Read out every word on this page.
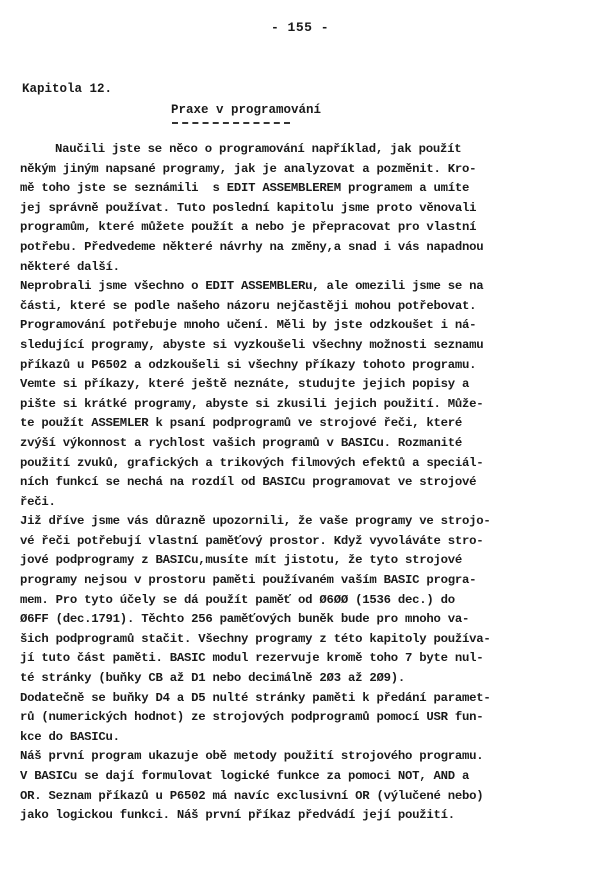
- 155 -
Kapitola 12.
Praxe v programování
Naučili jste se něco o programování například, jak použít
někým jiným napsané programy, jak je analyzovat a pozměnit. Kro-
mě toho jste se seznámili  s EDIT ASSEMBLEREM programem a umíte
jej správně používat. Tuto poslední kapitolu jsme proto věnovali
programům, které můžete použít a nebo je přepracovat pro vlastní
potřebu. Předvedeme některé návrhy na změny,a snad i vás napadnou
některé další.
Neprobrali jsme všechno o EDIT ASSEMBLERu, ale omezili jsme se na
části, které se podle našeho názoru nejčastěji mohou potřebovat.
Programování potřebuje mnoho učení. Měli by jste odzkoušet i ná-
sledující programy, abyste si vyzkoušeli všechny možnosti seznamu
příkazů u P6502 a odzkoušeli si všechny příkazy tohoto programu.
Vemte si příkazy, které ještě neznáte, studujte jejich popisy a
pište si krátké programy, abyste si zkusili jejich použití. Může-
te použít ASSEMLER k psaní podprogramů ve strojové řeči, které
zvýší výkonnost a rychlost vašich programů v BASICu. Rozmanité
použití zvuků, grafických a trikových filmových efektů a speciál-
ních funkcí se nechá na rozdíl od BASICu programovat ve strojové
řeči.
Již dříve jsme vás důrazně upozornili, že vaše programy ve strojo-
vé řeči potřebují vlastní paměťový prostor. Když vyvoláváte stro-
jové podprogramy z BASICu,musíte mít jistotu, že tyto strojové
programy nejsou v prostoru paměti používaném vaším BASIC progra-
mem. Pro tyto účely se dá použít paměť od Ø6ØØ (1536 dec.) do
Ø6FF (dec.1791). Těchto 256 paměťových buněk bude pro mnoho va-
šich podprogramů stačit. Všechny programy z této kapitoly používa-
jí tuto část paměti. BASIC modul rezervuje kromě toho 7 byte nul-
té stránky (buňky CB až D1 nebo decimálně 2Ø3 až 2Ø9).
Dodatečně se buňky D4 a D5 nulté stránky paměti k předání paramet-
rů (numerických hodnot) ze strojových podprogramů pomocí USR fun-
kce do BASICu.
Náš první program ukazuje obě metody použití strojového programu.
V BASICu se dají formulovat logické funkce za pomoci NOT, AND a
OR. Seznam příkazů u P6502 má navíc exclusivní OR (výlučené nebo)
jako logickou funkci. Náš první příkaz předvádí její použití.
